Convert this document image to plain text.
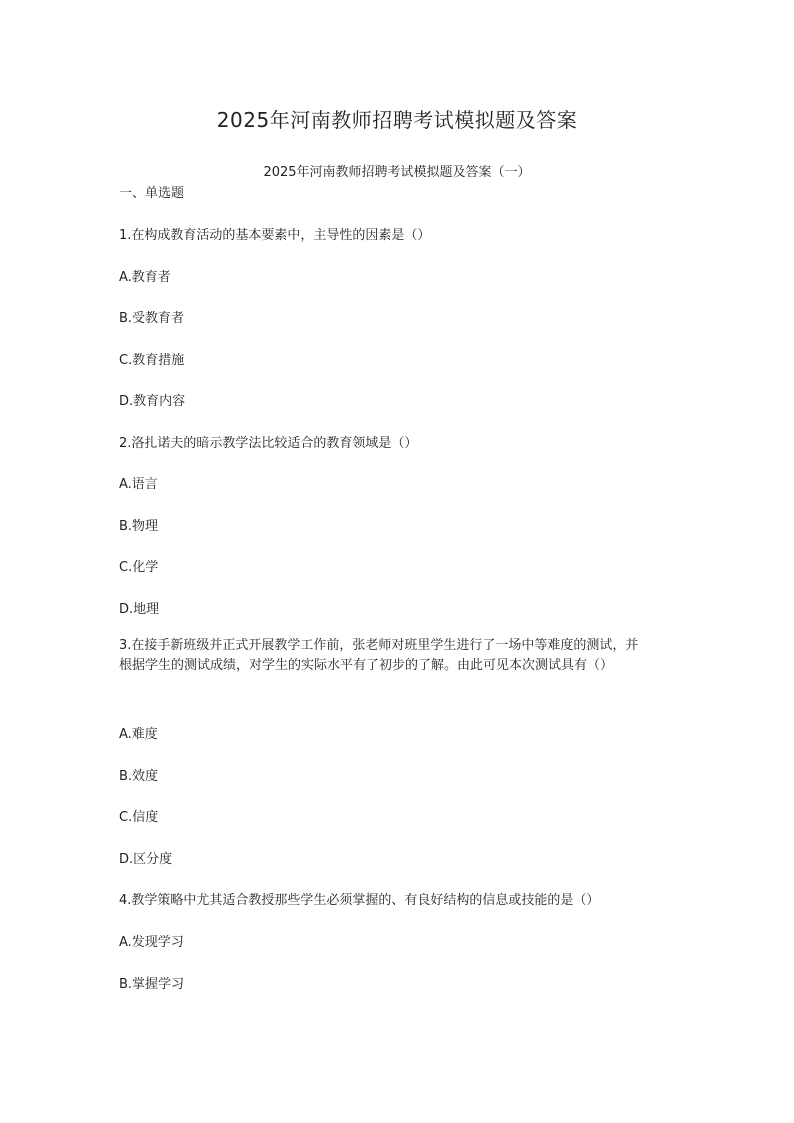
2025年河南教师招聘考试模拟题及答案
2025年河南教师招聘考试模拟题及答案（一）
一、单选题
1.在构成教育活动的基本要素中，主导性的因素是（）
A.教育者
B.受教育者
C.教育措施
D.教育内容
2.洛扎诺夫的暗示教学法比较适合的教育领域是（）
A.语言
B.物理
C.化学
D.地理
3.在接手新班级并正式开展教学工作前，张老师对班里学生进行了一场中等难度的测试，并根据学生的测试成绩，对学生的实际水平有了初步的了解。由此可见本次测试具有（）
A.难度
B.效度
C.信度
D.区分度
4.教学策略中尤其适合教授那些学生必须掌握的、有良好结构的信息或技能的是（）
A.发现学习
B.掌握学习
